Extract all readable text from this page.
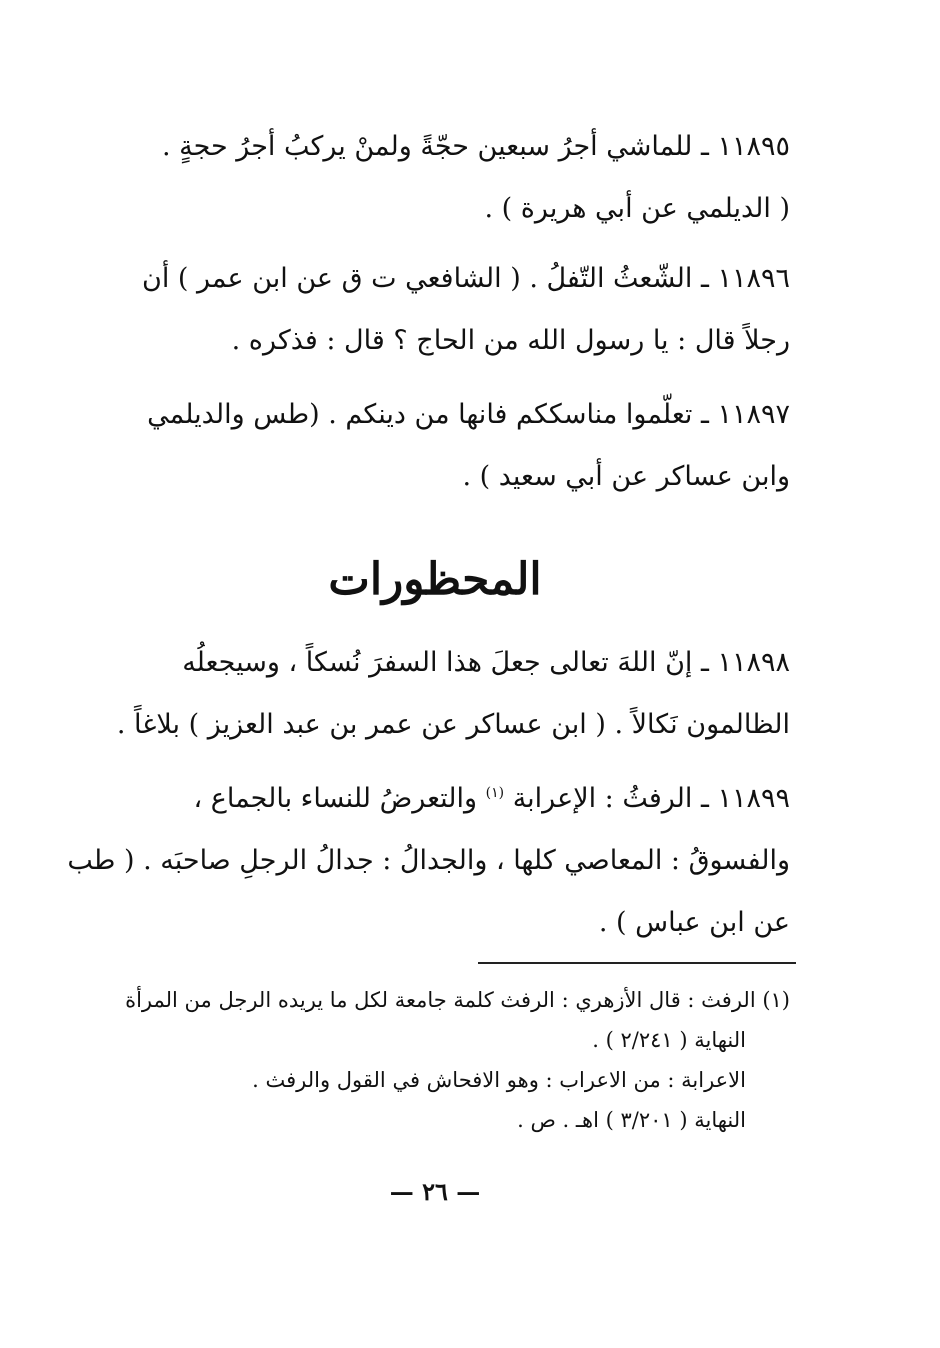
١١٨٩٥ ـ للماشي أجرُ سبعين حجّةً ولمنْ يركبُ أجرُ حجةٍ .
( الديلمي عن أبي هريرة ) .
١١٨٩٦ ـ الشّعثُ التّفلُ . ( الشافعي ت ق عن ابن عمر ) أن
رجلاً قال : يا رسول الله من الحاج ؟ قال : فذكره .
١١٨٩٧ ـ تعلّموا مناسككم فانها من دينكم . (طس والديلمي
وابن عساكر عن أبي سعيد ) .
المحظورات
١١٨٩٨ ـ إنّ اللهَ تعالى جعلَ هذا السفرَ نُسكاً ، وسيجعلُه
الظالمون نَكالاً . ( ابن عساكر عن عمر بن عبد العزيز ) بلاغاً .
١١٨٩٩ ـ الرفثُ : الإعرابة $^{(١)}$ والتعرضُ للنساء بالجماع ،
والفسوقُ : المعاصي كلها ، والجدالُ : جدالُ الرجلِ صاحبَه . ( طب
عن ابن عباس ) .
(١) الرفث : قال الأزهري : الرفث كلمة جامعة لكل ما يريده الرجل من المرأة
النهاية ( ٢/٢٤١ ) .
الاعرابة : من الاعراب : وهو الافحاش في القول والرفث .
النهاية ( ٣/٢٠١ ) اهـ . ص .
— ٢٦ —
